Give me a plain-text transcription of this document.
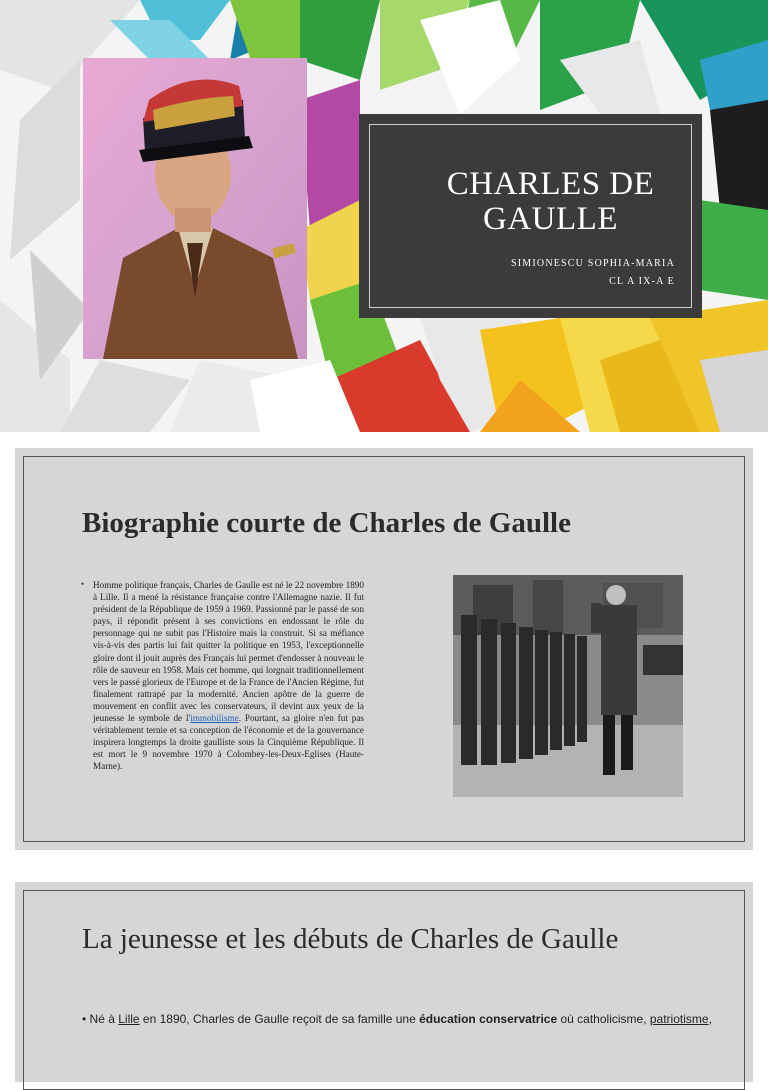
CHARLES DE GAULLE
SIMIONESCU SOPHIA-MARIA
CL A IX-A E
Biographie courte de Charles de Gaulle
• Homme politique français, Charles de Gaulle est né le 22 novembre 1890 à Lille. Il a mené la résistance française contre l'Allemagne nazie. Il fut président de la République de 1959 à 1969. Passionné par le passé de son pays, il répondit présent à ses convictions en endossant le rôle du personnage qui ne subit pas l'Histoire mais la construit. Si sa méfiance vis-à-vis des partis lui fait quitter la politique en 1953, l'exceptionnelle gloire dont il jouit auprès des Français lui permet d'endosser à nouveau le rôle de sauveur en 1958. Mais cet homme, qui lorgnait traditionnellement vers le passé glorieux de l'Europe et de la France de l'Ancien Régime, fut finalement rattrapé par la modernité. Ancien apôtre de la guerre de mouvement en conflit avec les conservateurs, il devint aux yeux de la jeunesse le symbole de l'immobilisme. Pourtant, sa gloire n'en fut pas véritablement ternie et sa conception de l'économie et de la gouvernance inspirera longtemps la droite gaulliste sous la Cinquième République. Il est mort le 9 novembre 1970 à Colombey-les-Deux-Eglises (Haute-Marne).
La jeunesse et les débuts de Charles de Gaulle
• Né à Lille en 1890, Charles de Gaulle reçoit de sa famille une éducation conservatrice où catholicisme, patriotisme,
